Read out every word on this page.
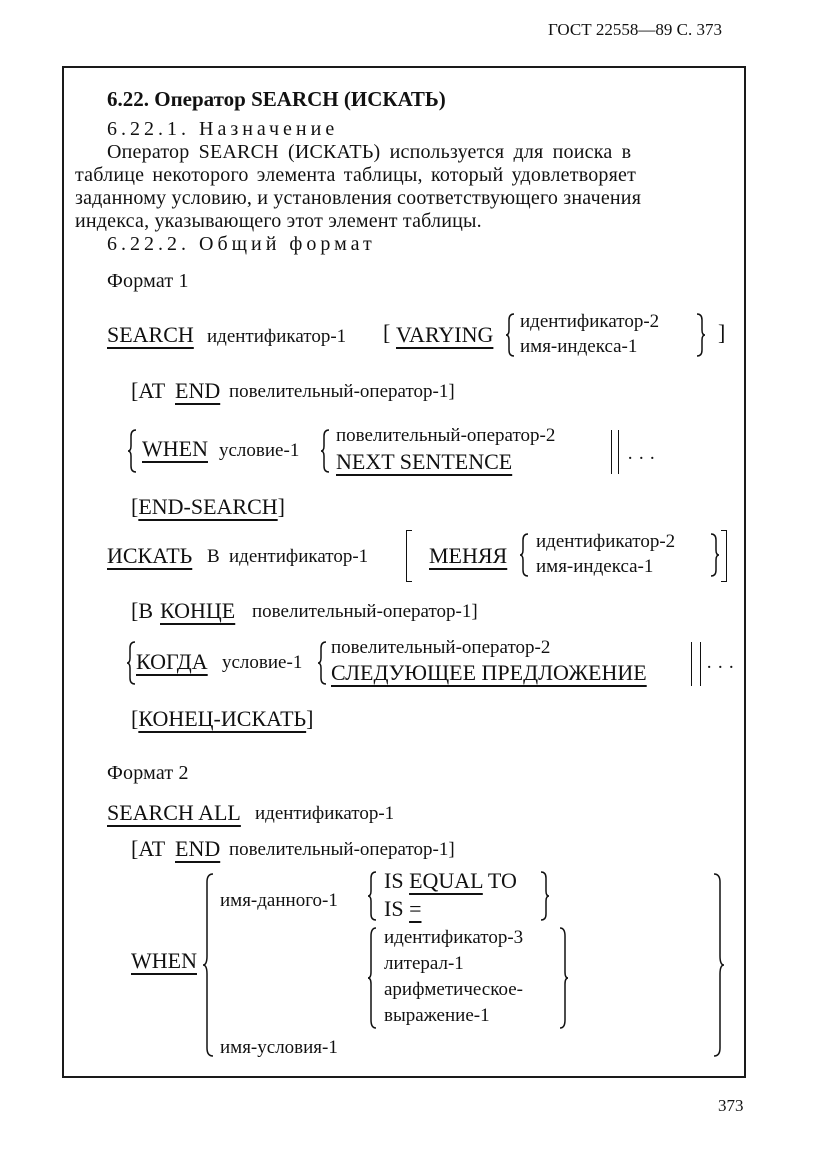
ГОСТ 22558—89 С. 373
6.22. Оператор SEARCH (ИСКАТЬ)
6.22.1. Назначение
Оператор SEARCH (ИСКАТЬ) используется для поиска в
таблице некоторого элемента таблицы, который удовлетворяет
заданному условию, и установления соответствующего значения
индекса, указывающего этот элемент таблицы.
6.22.2. Общий формат
Формат 1
SEARCH идентификатор-1 [ VARYING
идентификатор-2
имя-индекса-1
]
[AT END повелительный-оператор-1]
WHEN условие-1
повелительный-оператор-2
NEXT SENTENCE	· · ·
[END-SEARCH]
ИСКАТЬ В идентификатор-1	МЕНЯЯ
идентификатор-2
имя-индекса-1
[В КОНЦЕ повелительный-оператор-1]
КОГДА условие-1
повелительный-оператор-2
СЛЕДУЮЩЕЕ ПРЕДЛОЖЕНИЕ	· · ·
[КОНЕЦ-ИСКАТЬ]
Формат 2
SEARCH ALL идентификатор-1
[AT END повелительный-оператор-1]
WHEN
имя-данного-1
IS EQUAL TO
IS =
идентификатор-3
литерал-1
арифметическое-
выражение-1
имя-условия-1
373
